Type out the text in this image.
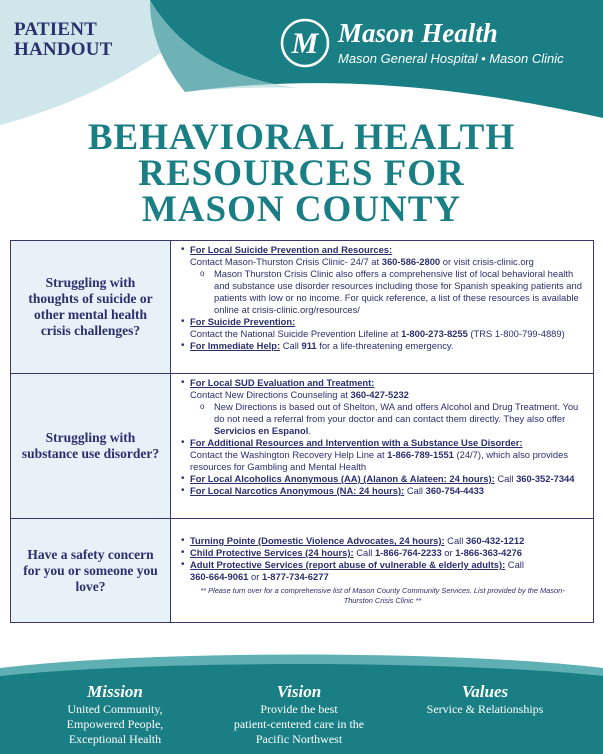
PATIENT
HANDOUT	M Mason Health
Mason General Hospital • Mason Clinic
BEHAVIORAL HEALTH
RESOURCES FOR
MASON COUNTY
Struggling with thoughts of suicide or other mental health crisis challenges?
• For Local Suicide Prevention and Resources:
Contact Mason-Thurston Crisis Clinic- 24/7 at 360-586-2800 or visit crisis-clinic.org
o Mason Thurston Crisis Clinic also offers a comprehensive list of local behavioral health and substance use disorder resources including those for Spanish speaking patients and patients with low or no income. For quick reference, a list of these resources is available online at crisis-clinic.org/resources/
• For Suicide Prevention:
Contact the National Suicide Prevention Lifeline at 1-800-273-8255 (TRS 1-800-799-4889)
• For Immediate Help: Call 911 for a life-threatening emergency.
Struggling with substance use disorder?
• For Local SUD Evaluation and Treatment:
Contact New Directions Counseling at 360-427-5232
o New Directions is based out of Shelton, WA and offers Alcohol and Drug Treatment. You do not need a referral from your doctor and can contact them directly. They also offer Servicios en Espanol.
• For Additional Resources and Intervention with a Substance Use Disorder:
Contact the Washington Recovery Help Line at 1-866-789-1551 (24/7), which also provides resources for Gambling and Mental Health
• For Local Alcoholics Anonymous (AA) (Alanon & Alateen: 24 hours): Call 360-352-7344
• For Local Narcotics Anonymous (NA: 24 hours): Call 360-754-4433
Have a safety concern for you or someone you love?
• Turning Pointe (Domestic Violence Advocates, 24 hours): Call 360-432-1212
• Child Protective Services (24 hours): Call 1-866-764-2233 or 1-866-363-4276
• Adult Protective Services (report abuse of vulnerable & elderly adults): Call
360-664-9061 or 1-877-734-6277
** Please turn over for a comprehensive list of Mason County Community Services. List provided by the Mason-Thurston Crisis Clinic **
Mission
United Community,
Empowered People,
Exceptional Health
Vision
Provide the best
patient-centered care in the
Pacific Northwest
Values
Service & Relationships
